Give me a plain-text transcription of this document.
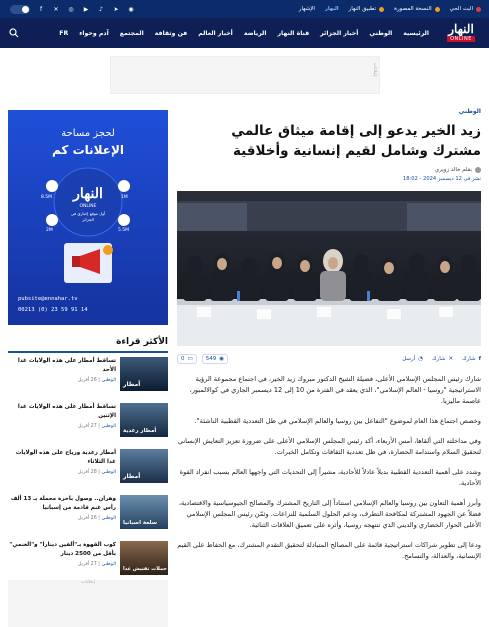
البث الحي
النسخة المصورة
تطبيق النهار
النهار
الإشهار
f	✕ ◎ ▶	♪	➤ ◉
النهار
ONLINE
الرئيسية
الوطني
أخبار الجزائر
قناة النهار
الرياضة
أخبار العالم
فن وثقافة
المجتمع
آدم وحواء
FR
إعلانات
الوطني
زيد الخير يدعو إلى إقامة ميثاق عالمي مشترك وشامل لقيم إنسانية وأخلاقية
بقلم خالد زويري
نشر في 12 ديسمبر 2024 - 18:02
f
شارك
✕
شارك
◔
أرسل
0 ▭ 549 ◉

شارك رئيس المجلس الإسلامي الأعلى، فضيلة الشيخ الدكتور مبروك زيد الخير، في اجتماع مجموعة الرؤية الاستراتيجية "روسيا - العالم الإسلامي"، الذي يعقد في الفترة من 10 إلى 12 ديسمبر الجاري في كوالالمبور، عاصمة ماليزيا.

وخصص اجتماع هذا العام لموضوع "التفاعل بين روسيا والعالم الإسلامي في ظل التعددية القطبية الناشئة".

وفي مداخلته التي ألقاها، أمس الأربعاء، أكد رئيس المجلس الإسلامي الأعلى على ضرورة تعزيز التعايش الإنساني لتحقيق السلام واستدامة الحضارة، في ظل تعددية الثقافات وتكامل الخبرات.

وشدد على أهمية التعددية القطبية بديلاً عادلاً للأحادية، مشيراً إلى التحديات التي واجهها العالم بسبب انفراد القوة الأحادية.

وأبرز أهمية التعاون بين روسيا والعالم الإسلامي استناداً إلى التاريخ المشترك والمصالح الجيوسياسية والاقتصادية، فضلاً عن الجهود المشتركة لمكافحة التطرف، ودعم الحلول السلمية للنزاعات. وثمّن رئيس المجلس الإسلامي الأعلى الحوار الحضاري والديني الذي تنتهجه روسيا، وأثره على تعميق العلاقات الثنائية.

ودعا إلى تطوير شراكات استراتيجية قائمة على المصالح المتبادلة لتحقيق التقدم المشترك، مع الحفاظ على القيم الإنسانية، والعدالة، والتسامح.

لحجز مساحة
الإعلانات كم
النهار
ONLINE
أول موقع إخباري في الجزائر
8.5M	1M
2M	5.5M
pubsite@ennahar.tv
00213 (0) 23 59 91 14
الأكثر قراءة
أمطار
تساقط أمطار على هذه الولايات غدا الأحد
الوطني | 26 أفريل
أمطار رعدية
تساقط أمطار على هذه الولايات غدا الإثنين
الوطني | 27 أفريل
أمطار
أمطار رعدية ورياح على هذه الولايات غدا الثلاثاء
الوطني | 28 أفريل
سلعة اسبانيا
وهران.. وصول باخرة محملة بـ 13 ألف رأس غنم قادمة من إسبانيا
الوطني | 26 أفريل
حملات تفتيش غدا
كوب القهوة بـ"ألفين دينارا" و"الغنمي" بأقل من 2500 دينار
الوطني | 27 أفريل
إعلانات
